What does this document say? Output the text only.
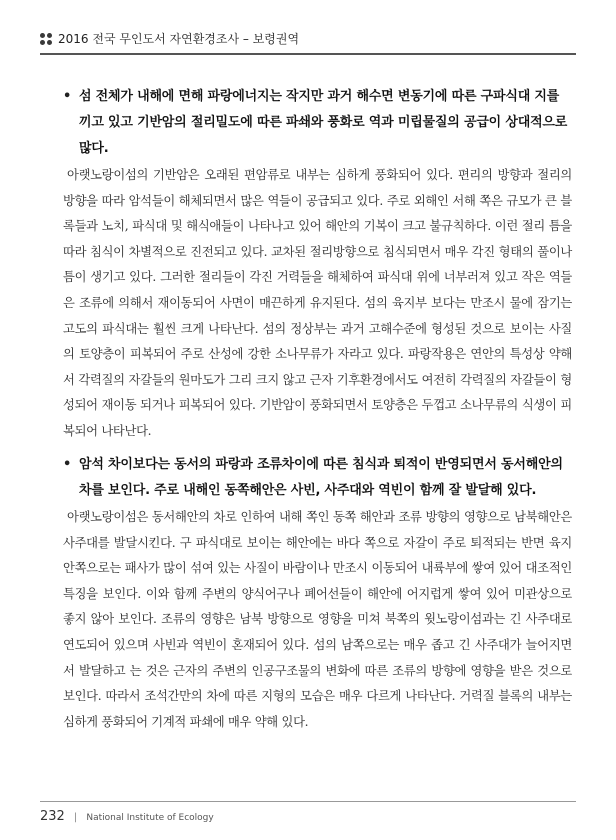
2016 전국 무인도서 자연환경조사 – 보령권역
• 섬 전체가 내해에 면해 파랑에너지는 작지만 과거 해수면 변동기에 따른 구파식대 지를 끼고 있고 기반암의 절리밀도에 따른 파쇄와 풍화로 역과 미립물질의 공급이 상대적으로 많다.
아랫노랑이섬의 기반암은 오래된 편암류로 내부는 심하게 풍화되어 있다. 편리의 방향과 절리의 방향을 따라 암석들이 해체되면서 많은 역들이 공급되고 있다. 주로 외해인 서해 쪽은 규모가 큰 블록들과 노치, 파식대 및 해식애들이 나타나고 있어 해안의 기복이 크고 불규칙하다. 이런 절리 틈을 따라 침식이 차별적으로 진전되고 있다. 교차된 절리방향으로 침식되면서 매우 각진 형태의 풀이나 틈이 생기고 있다. 그러한 절리들이 각진 거력들을 해체하여 파식대 위에 너부러져 있고 작은 역들은 조류에 의해서 재이동되어 사면이 매끈하게 유지된다. 섬의 육지부 보다는 만조시 물에 잠기는 고도의 파식대는 훨씬 크게 나타난다. 섬의 정상부는 과거 고해수준에 형성된 것으로 보이는 사질의 토양층이 피복되어 주로 산성에 강한 소나무류가 자라고 있다. 파랑작용은 연안의 특성상 약해서 각력질의 자갈들의 원마도가 그리 크지 않고 근자 기후환경에서도 여전히 각력질의 자갈들이 형성되어 재이동 되거나 피복되어 있다. 기반암이 풍화되면서 토양층은 두껍고 소나무류의 식생이 피복되어 나타난다.
• 암석 차이보다는 동서의 파랑과 조류차이에 따른 침식과 퇴적이 반영되면서 동서해안의 차를 보인다. 주로 내해인 동쪽해안은 사빈, 사주대와 역빈이 함께 잘 발달해 있다.
아랫노랑이섬은 동서해안의 차로 인하여 내해 쪽인 동쪽 해안과 조류 방향의 영향으로 남북해안은 사주대를 발달시킨다. 구 파식대로 보이는 해안에는 바다 쪽으로 자갈이 주로 퇴적되는 반면 육지 안쪽으로는 패사가 많이 섞여 있는 사질이 바람이나 만조시 이동되어 내륙부에 쌓여 있어 대조적인 특징을 보인다. 이와 함께 주변의 양식어구나 폐어선들이 해안에 어지럽게 쌓여 있어 미관상으로 좋지 않아 보인다. 조류의 영향은 남북 방향으로 영향을 미쳐 북쪽의 윗노랑이섬과는 긴 사주대로 연도되어 있으며 사빈과 역빈이 혼재되어 있다. 섬의 남쪽으로는 매우 좁고 긴 사주대가 늘어지면서 발달하고 는 것은 근자의 주변의 인공구조물의 변화에 따른 조류의 방향에 영향을 받은 것으로 보인다. 따라서 조석간만의 차에 따른 지형의 모습은 매우 다르게 나타난다. 거력질 블록의 내부는 심하게 풍화되어 기계적 파쇄에 매우 약해 있다.
232 | National Institute of Ecology
